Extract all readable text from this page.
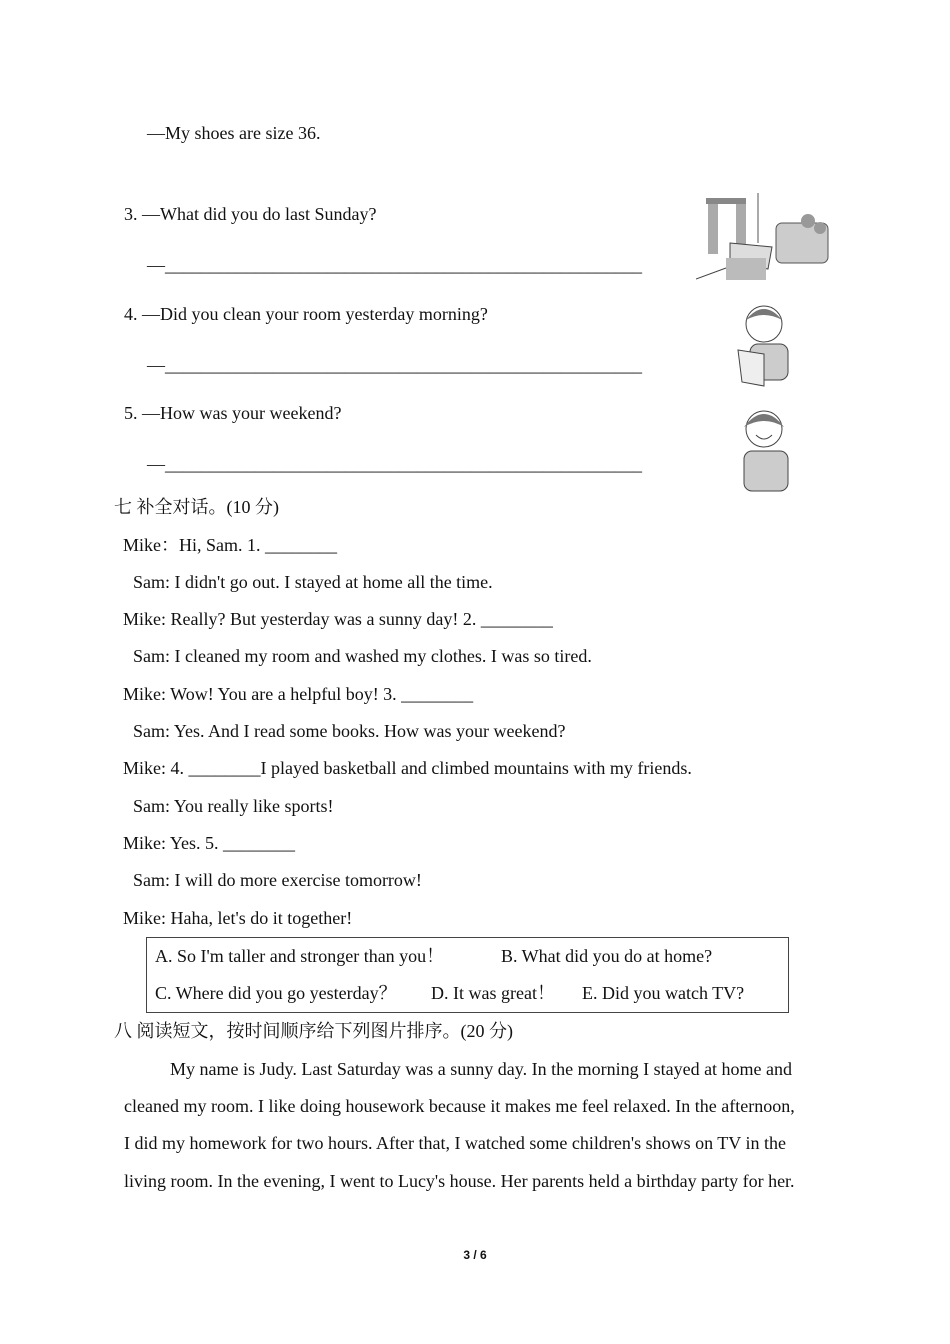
—My shoes are size 36.
3. —What did you do last Sunday?
—_____________________________________________________
4. —Did you clean your room yesterday morning?
—_____________________________________________________
5. —How was your weekend?
—_____________________________________________________
七 补全对话。(10 分)
Mike：Hi, Sam. 1. ________
Sam: I didn't go out. I stayed at home all the time.
Mike: Really? But yesterday was a sunny day! 2. ________
Sam: I cleaned my room and washed my clothes. I was so tired.
Mike: Wow! You are a helpful boy! 3. ________
Sam: Yes. And I read some books. How was your weekend?
Mike: 4. ________I played basketball and climbed mountains with my friends.
Sam: You really like sports!
Mike: Yes. 5. ________
Sam: I will do more exercise tomorrow!
Mike: Haha, let's do it together!
A. So I'm taller and stronger than you！	B. What did you do at home?
C. Where did you go yesterday？ D. It was great！ E. Did you watch TV?
八 阅读短文，按时间顺序给下列图片排序。(20 分)
My name is Judy. Last Saturday was a sunny day. In the morning I stayed at home and
cleaned my room. I like doing housework because it makes me feel relaxed. In the afternoon,
I did my homework for two hours. After that, I watched some children's shows on TV in the
living room. In the evening, I went to Lucy's house. Her parents held a birthday party for her.
3 / 6
